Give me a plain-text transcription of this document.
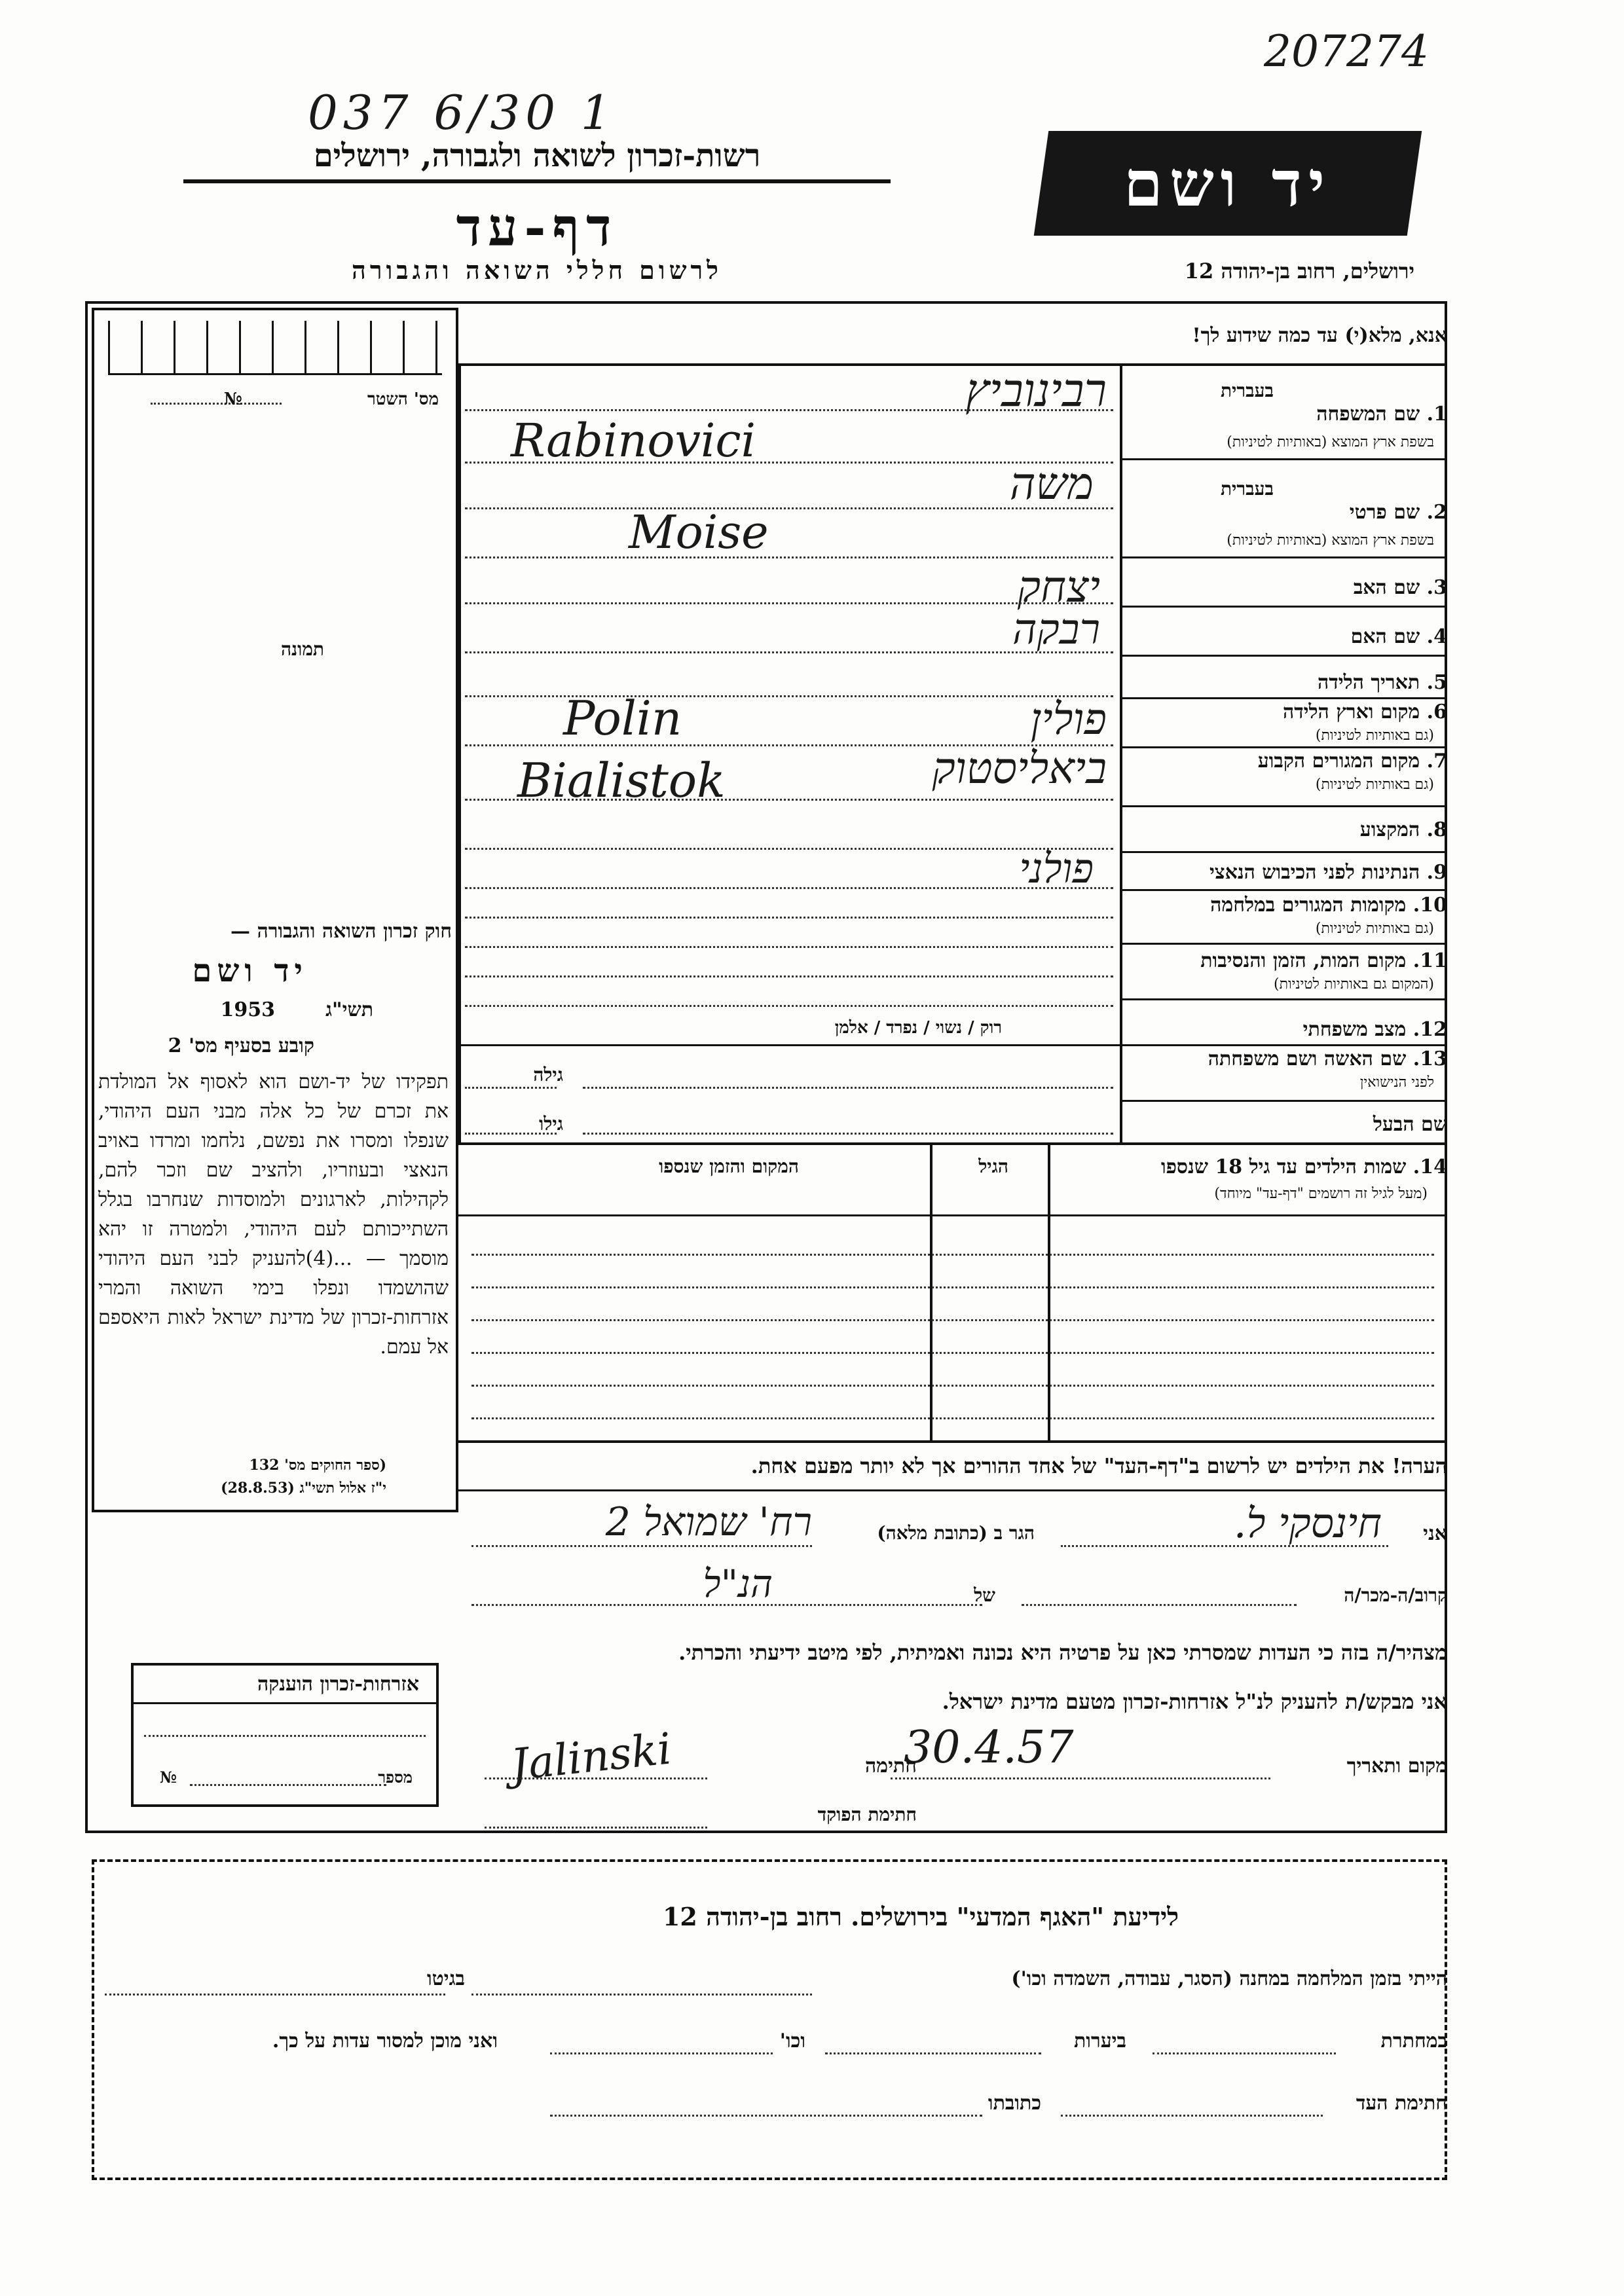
207274
037 6/30 1
רשות-זכרון לשואה ולגבורה, ירושלים
דף-עד
לרשום חללי השואה והגבורה
יד ושם
ירושלים, רחוב בן-יהודה 12
מס' השטר
№
תמונה
חוק זכרון השואה והגבורה —
יד ושם
תשי"ג
1953
קובע בסעיף מס' 2
תפקידו של יד-ושם הוא לאסוף אל המולדת את זכרם של כל אלה מבני העם היהודי, שנפלו ומסרו את נפשם, נלחמו ומרדו באויב הנאצי ובעוזריו, ולהציב שם וזכר להם, לקהילות, לארגונים ולמוסדות שנחרבו בגלל השתייכותם לעם היהודי, ולמטרה זו יהא מוסמך — ...(4)להעניק לבני העם היהודי שהושמדו ונפלו בימי השואה והמרי אזרחות-זכרון של מדינת ישראל לאות היאספם אל עמם.
(ספר החוקים מס' 132
י"ז אלול תשי"ג (28.8.53)
אנא, מלא(י) עד כמה שידוע לך!
1. שם המשפחה
בעברית
בשפת ארץ המוצא (באותיות לטיניות)
רבינוביץ
Rabinovici
2. שם פרטי
בעברית
בשפת ארץ המוצא (באותיות לטיניות)
משה
Moise
3. שם האב
יצחק
4. שם האם
רבקה
5. תאריך הלידה
6. מקום וארץ הלידה
(גם באותיות לטיניות)
פולין
Polin
7. מקום המגורים הקבוע
(גם באותיות לטיניות)
ביאליסטוק
Bialistok
8. המקצוע
9. הנתינות לפני הכיבוש הנאצי
פולני
10. מקומות המגורים במלחמה
(גם באותיות לטיניות)
11. מקום המות, הזמן והנסיבות
(המקום גם באותיות לטיניות)
12. מצב משפחתי
רוק / נשוי / נפרד / אלמן
13. שם האשה ושם משפחתה
לפני הנישואין
גילה
שם הבעל
גילו
14. שמות הילדים עד גיל 18 שנספו
(מעל לגיל זה רושמים "דף-עד" מיוחד)
הגיל
המקום והזמן שנספו
הערה! את הילדים יש לרשום ב"דף-העד" של אחד ההורים אך לא יותר מפעם אחת.
אני
חינסקי ל.
הגר ב (כתובת מלאה)
רח' שמואל 2
קרוב/ה-מכר/ה
של
הנ"ל
מצהיר/ה בזה כי העדות שמסרתי כאן על פרטיה היא נכונה ואמיתית, לפי מיטב ידיעתי והכרתי.
אני מבקש/ת להעניק לנ"ל אזרחות-זכרון מטעם מדינת ישראל.
מקום ותאריך
30.4.57
חתימה
Jalinski
חתימת הפוקד
אזרחות-זכרון הוענקה
מספר
№
לידיעת "האגף המדעי" בירושלים. רחוב בן-יהודה 12
הייתי בזמן המלחמה במחנה (הסגר, עבודה, השמדה וכו')
בגיטו
במחתרת
ביערות
וכו'
ואני מוכן למסור עדות על כך.
חתימת העד
כתובתו
